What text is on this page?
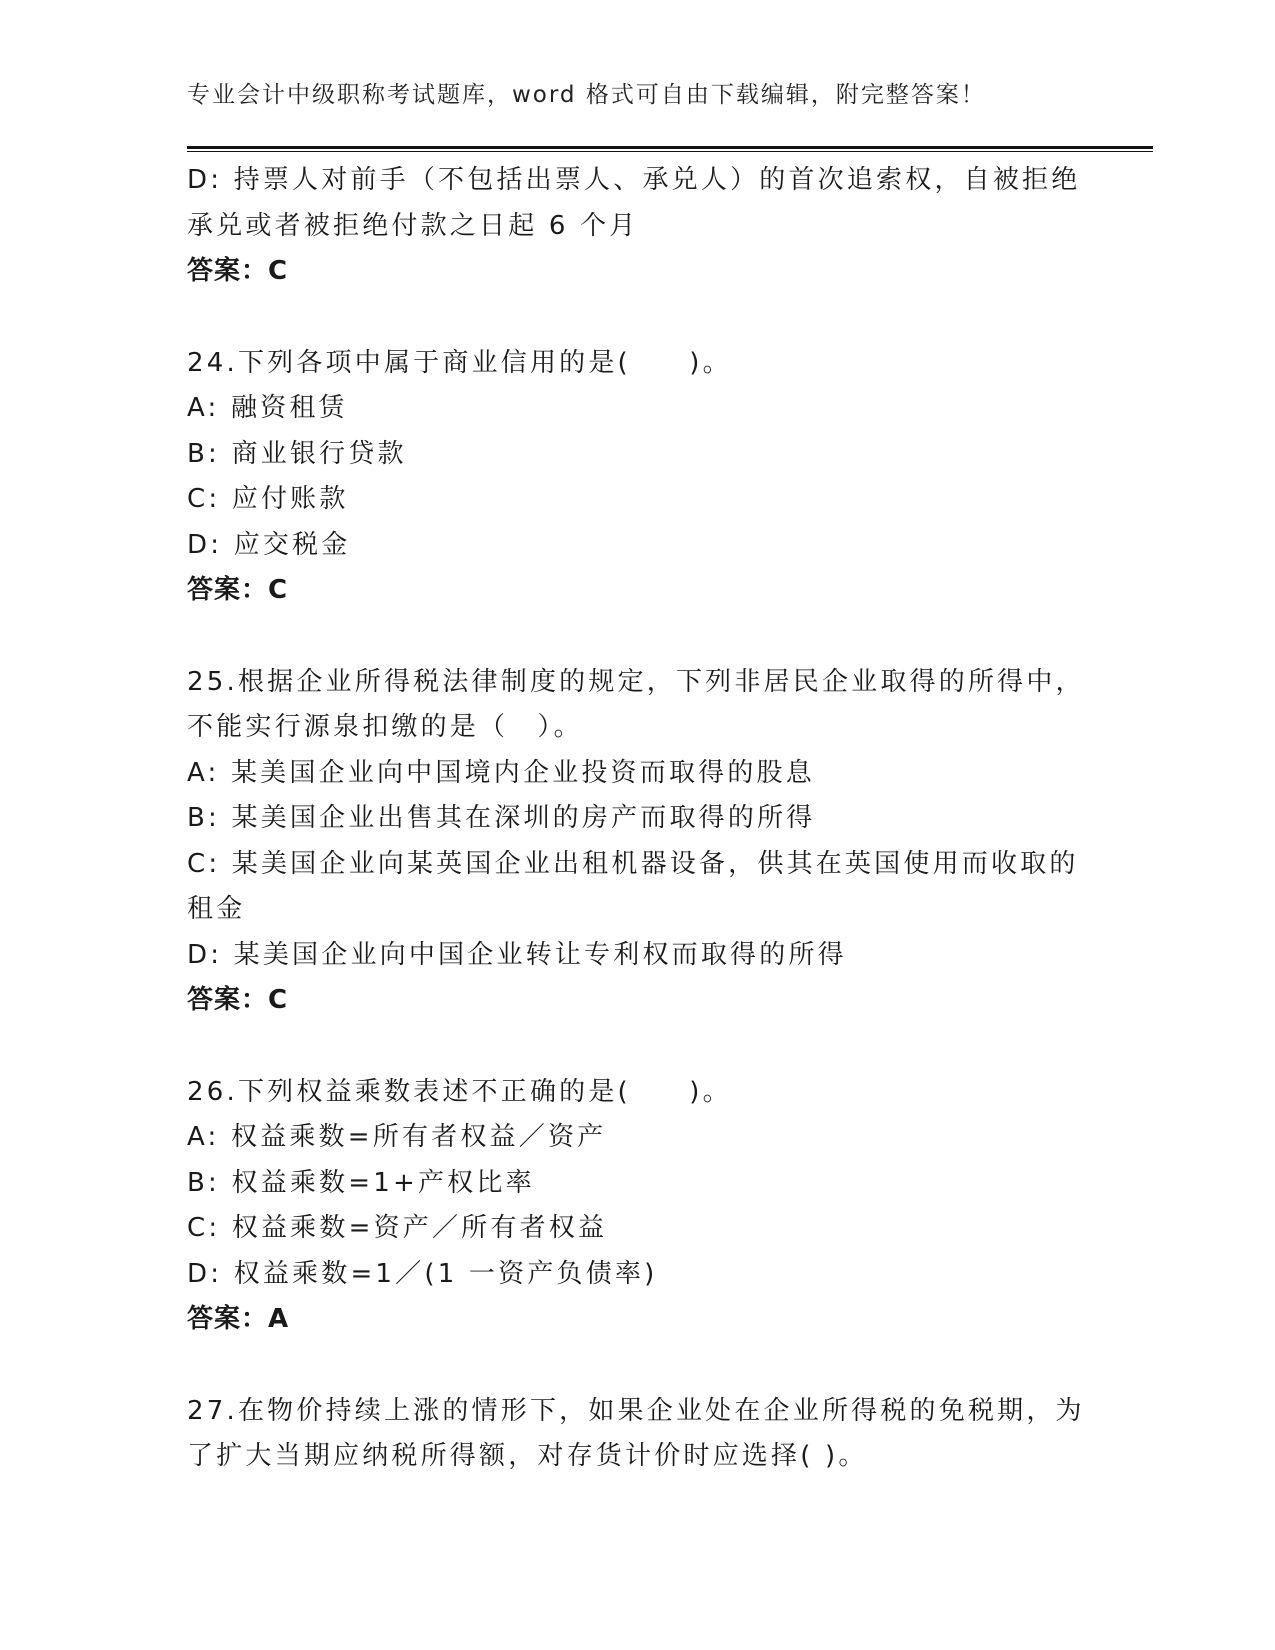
专业会计中级职称考试题库，word 格式可自由下载编辑，附完整答案！
D: 持票人对前手（不包括出票人、承兑人）的首次追索权，自被拒绝
承兑或者被拒绝付款之日起 6 个月
答案：C
24.下列各项中属于商业信用的是(　　)。
A: 融资租赁
B: 商业银行贷款
C: 应付账款
D: 应交税金
答案：C
25.根据企业所得税法律制度的规定，下列非居民企业取得的所得中，
不能实行源泉扣缴的是（　）。
A: 某美国企业向中国境内企业投资而取得的股息
B: 某美国企业出售其在深圳的房产而取得的所得
C: 某美国企业向某英国企业出租机器设备，供其在英国使用而收取的
租金
D: 某美国企业向中国企业转让专利权而取得的所得
答案：C
26.下列权益乘数表述不正确的是(　　)。
A: 权益乘数=所有者权益／资产
B: 权益乘数=1+产权比率
C: 权益乘数=资产／所有者权益
D: 权益乘数=1／(1 一资产负债率)
答案：A
27.在物价持续上涨的情形下，如果企业处在企业所得税的免税期，为
了扩大当期应纳税所得额，对存货计价时应选择( )。
